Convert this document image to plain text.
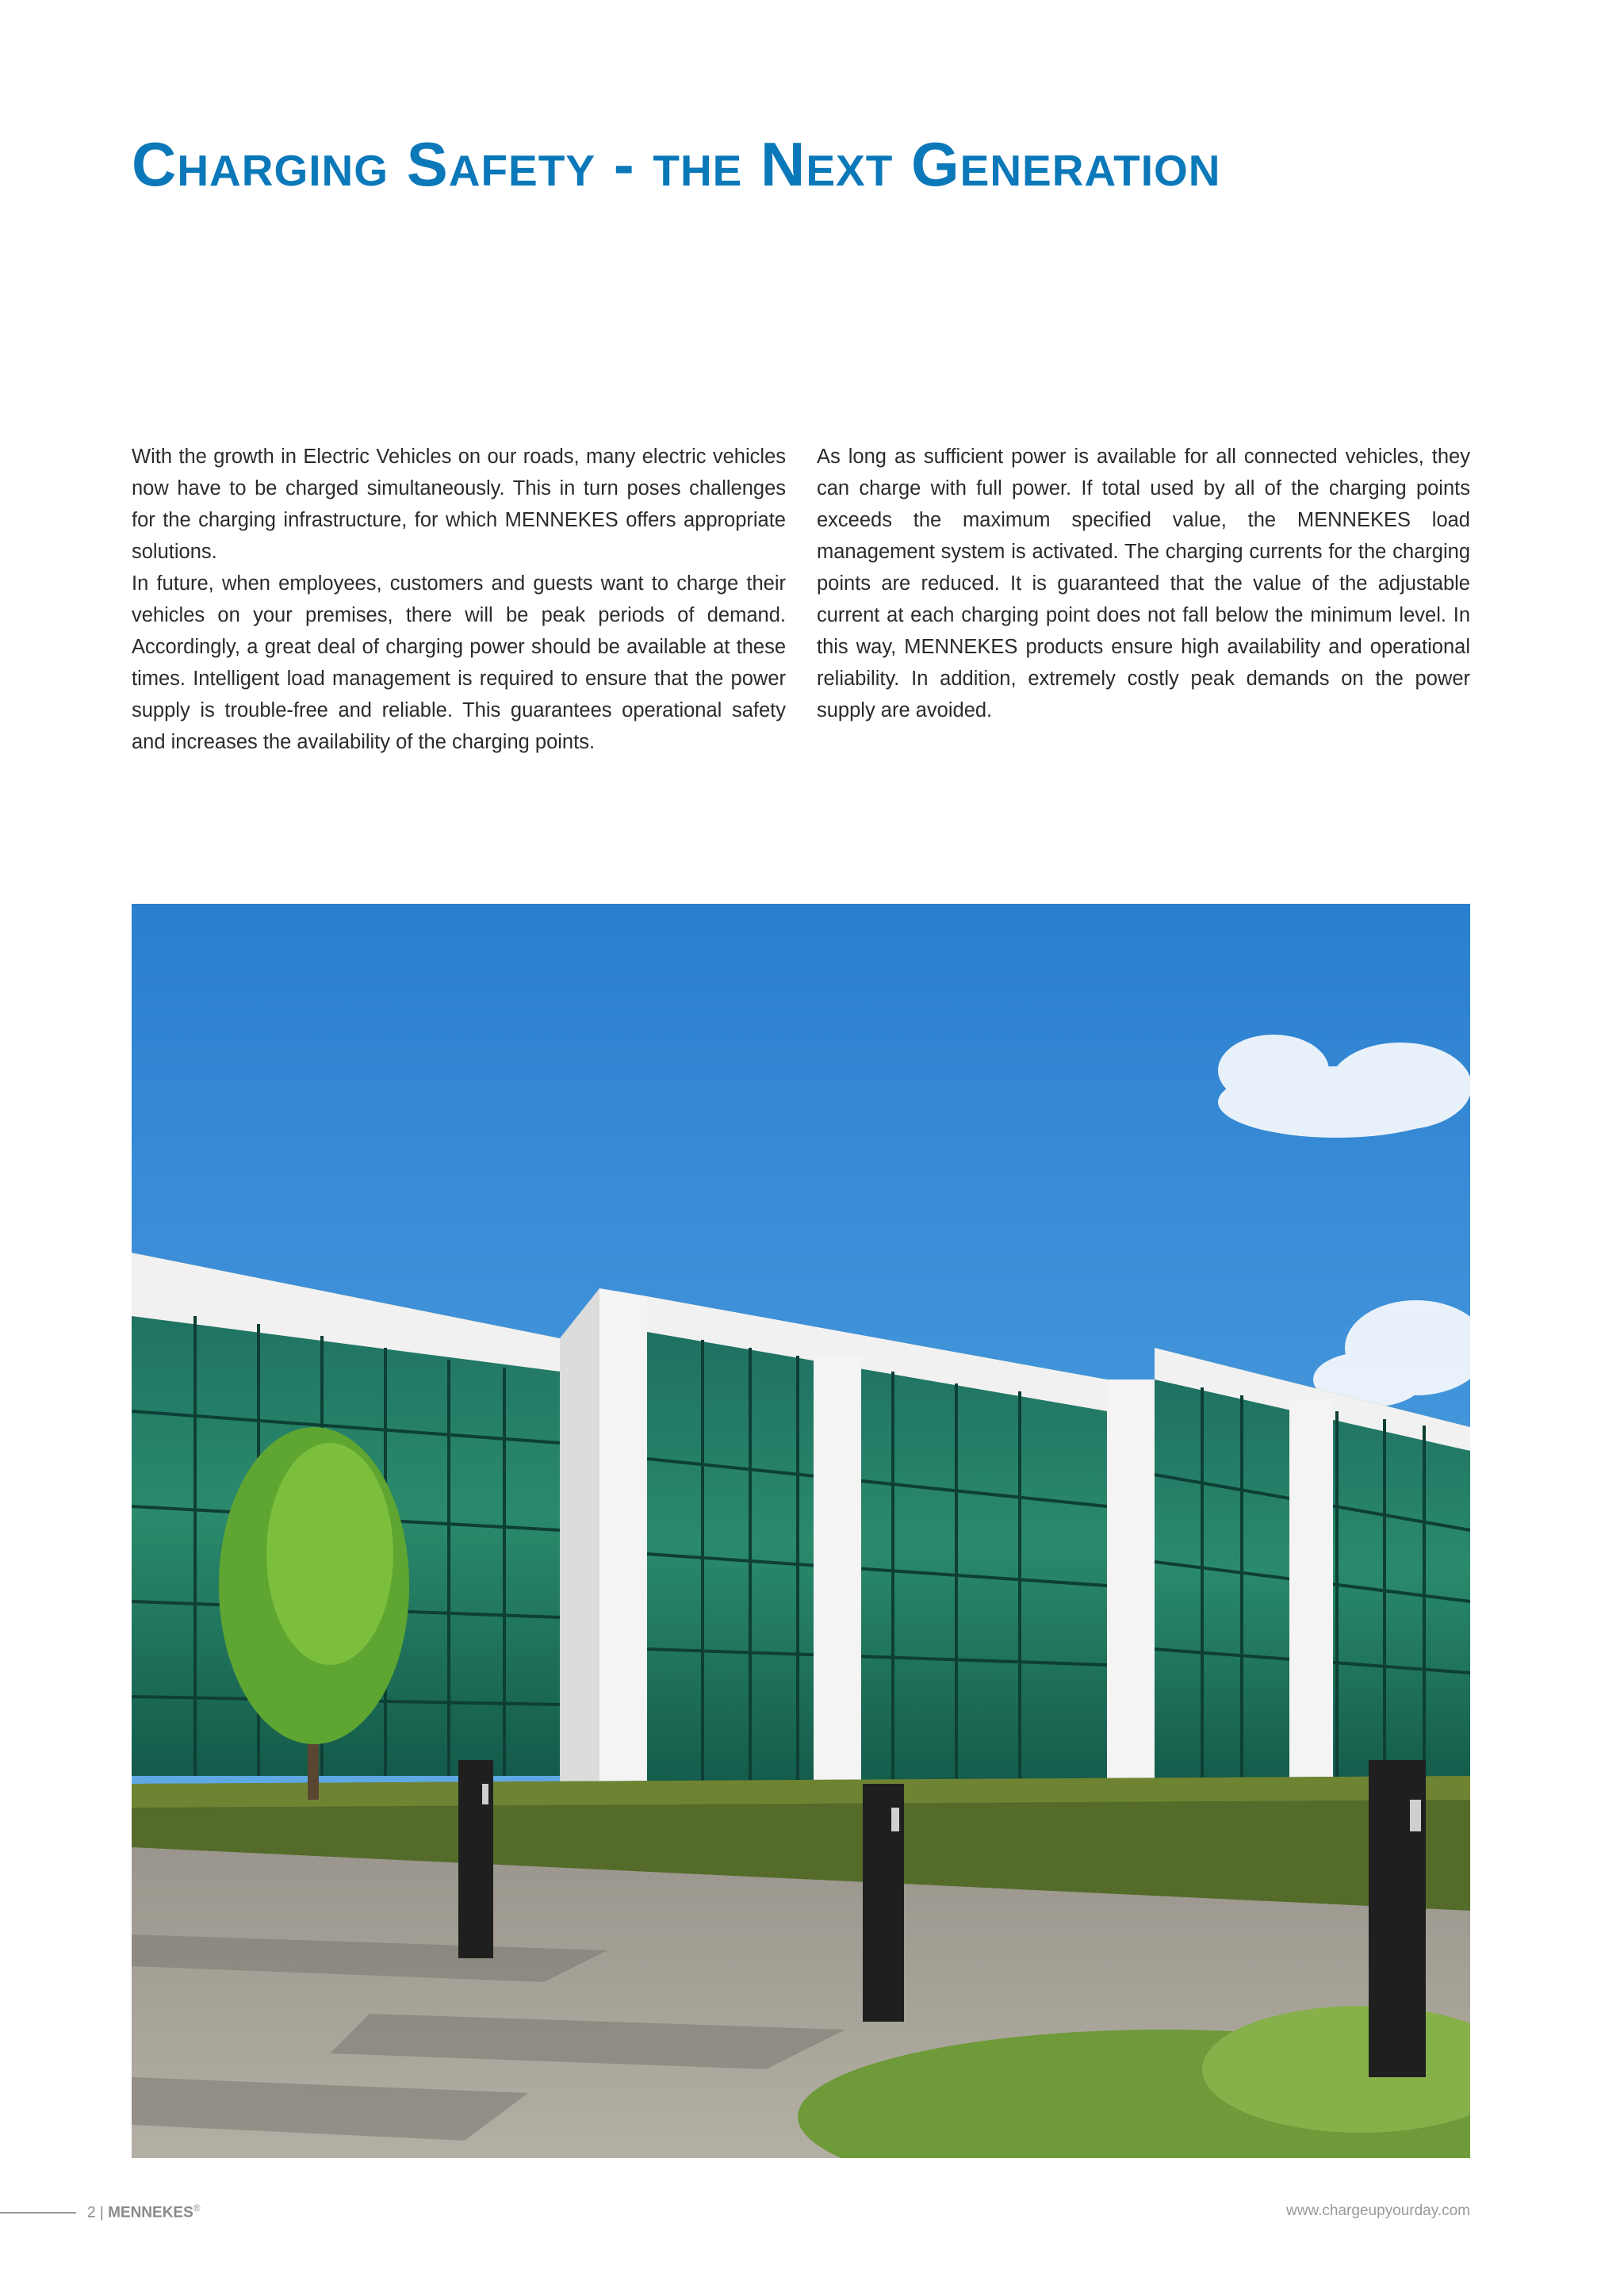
Charging Safety - the Next Generation

With the growth in Electric Vehicles on our roads, many electric vehicles now have to be charged simultaneously. This in turn poses challenges for the charging infrastructure, for which MENNEKES offers appropriate solutions.

In future, when employees, customers and guests want to charge their vehicles on your premises, there will be peak periods of demand. Accordingly, a great deal of charging power should be available at these times. Intelligent load management is required to ensure that the power supply is trouble-free and reliable. This guarantees operational safety and increases the availability of the charging points.

As long as sufficient power is available for all connected vehicles, they can charge with full power. If total used by all of the charging points exceeds the maximum specified value, the MENNEKES load management system is activated. The charging currents for the charging points are reduced. It is guaranteed that the value of the adjustable current at each charging point does not fall below the minimum level. In this way, MENNEKES products ensure high availability and operational reliability. In addition, extremely costly peak demands on the power supply are avoided.

2 | MENNEKES®	www.chargeupyourday.com
